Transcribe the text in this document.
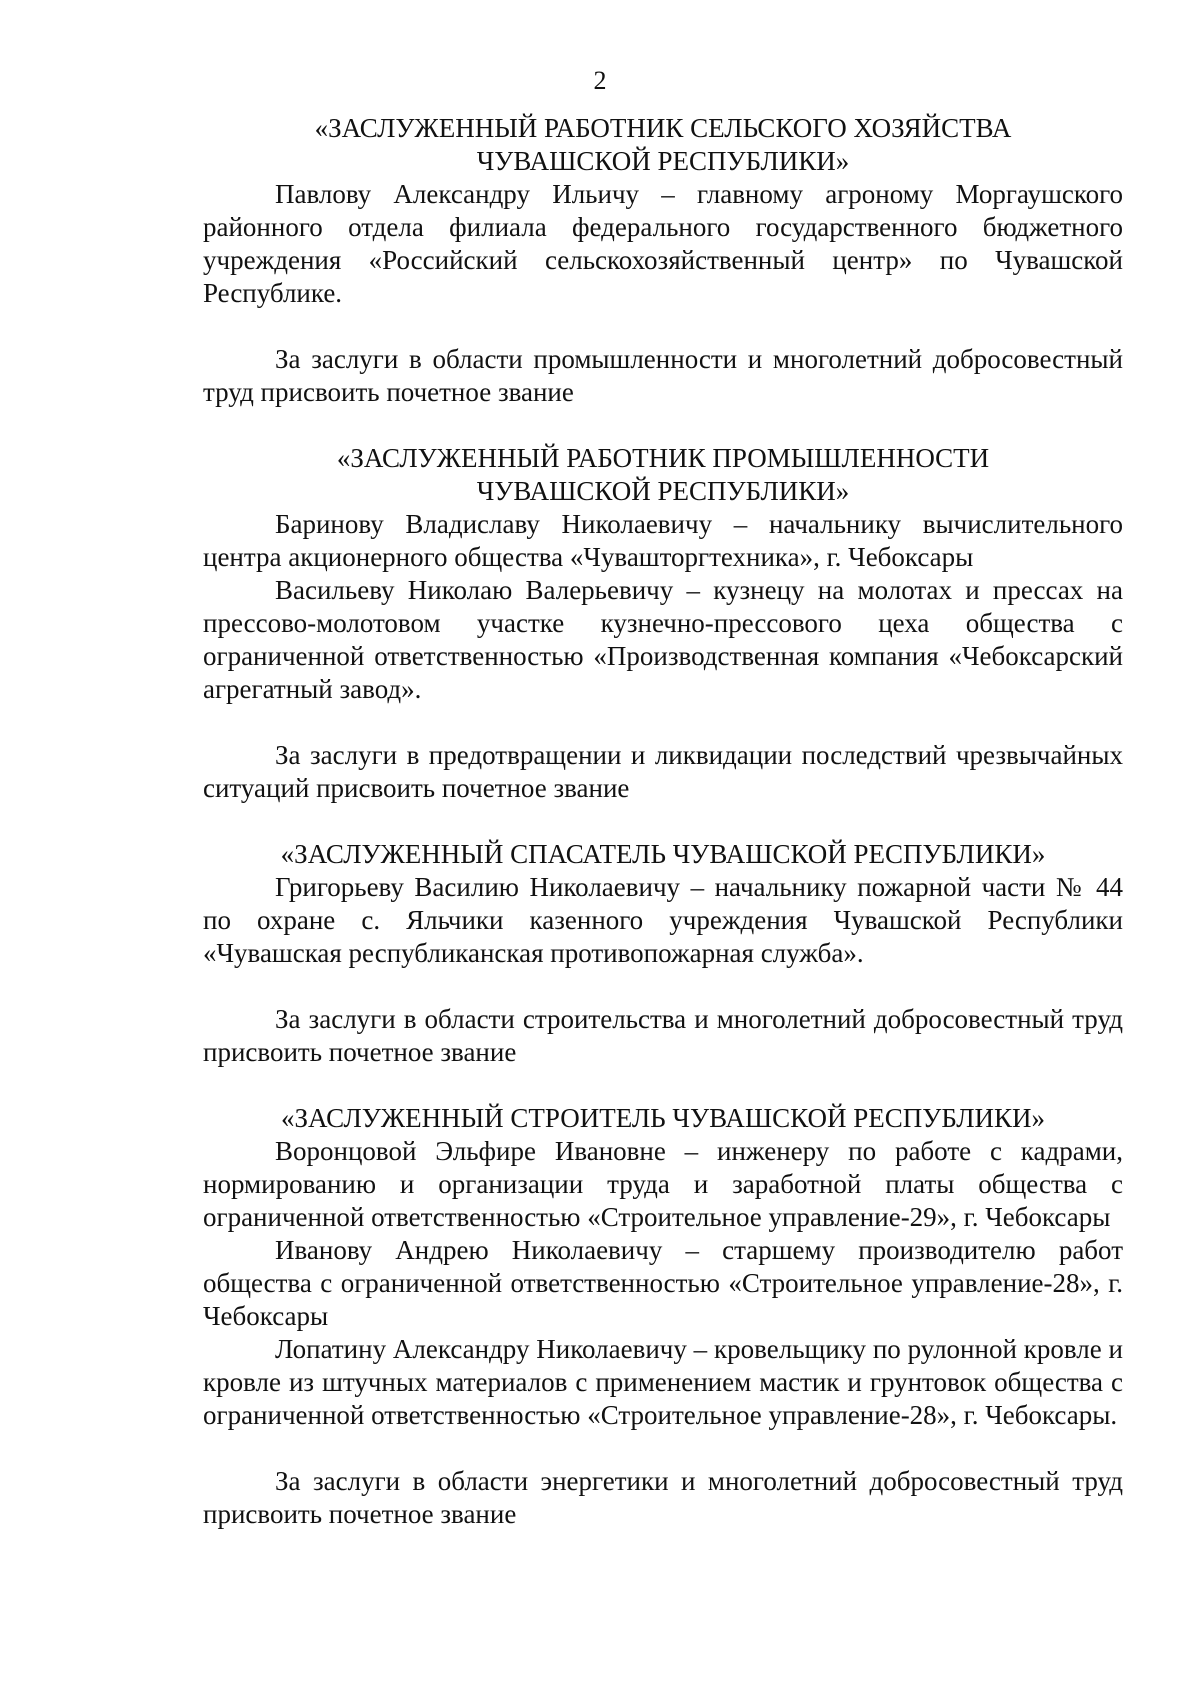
2
«ЗАСЛУЖЕННЫЙ РАБОТНИК СЕЛЬСКОГО ХОЗЯЙСТВА
ЧУВАШСКОЙ РЕСПУБЛИКИ»

Павлову Александру Ильичу – главному агроному Моргаушского районного отдела филиала федерального государственного бюджетного учреждения «Российский сельскохозяйственный центр» по Чувашской Республике.

За заслуги в области промышленности и многолетний добросовестный труд присвоить почетное звание

«ЗАСЛУЖЕННЫЙ РАБОТНИК ПРОМЫШЛЕННОСТИ
ЧУВАШСКОЙ РЕСПУБЛИКИ»

Баринову Владиславу Николаевичу – начальнику вычислительного центра акционерного общества «Чувашторгтехника», г. Чебоксары

Васильеву Николаю Валерьевичу – кузнецу на молотах и прессах на прессово-молотовом участке кузнечно-прессового цеха общества с ограниченной ответственностью «Производственная компания «Чебоксарский агрегатный завод».

За заслуги в предотвращении и ликвидации последствий чрезвычайных ситуаций присвоить почетное звание

«ЗАСЛУЖЕННЫЙ СПАСАТЕЛЬ ЧУВАШСКОЙ РЕСПУБЛИКИ»

Григорьеву Василию Николаевичу – начальнику пожарной части № 44 по охране с. Яльчики казенного учреждения Чувашской Республики «Чувашская республиканская противопожарная служба».

За заслуги в области строительства и многолетний добросовестный труд присвоить почетное звание

«ЗАСЛУЖЕННЫЙ СТРОИТЕЛЬ ЧУВАШСКОЙ РЕСПУБЛИКИ»

Воронцовой Эльфире Ивановне – инженеру по работе с кадрами, нормированию и организации труда и заработной платы общества с ограниченной ответственностью «Строительное управление-29», г. Чебоксары

Иванову Андрею Николаевичу – старшему производителю работ общества с ограниченной ответственностью «Строительное управление-28», г. Чебоксары

Лопатину Александру Николаевичу – кровельщику по рулонной кровле и кровле из штучных материалов с применением мастик и грунтовок общества с ограниченной ответственностью «Строительное управление-28», г. Чебоксары.

За заслуги в области энергетики и многолетний добросовестный труд присвоить почетное звание
